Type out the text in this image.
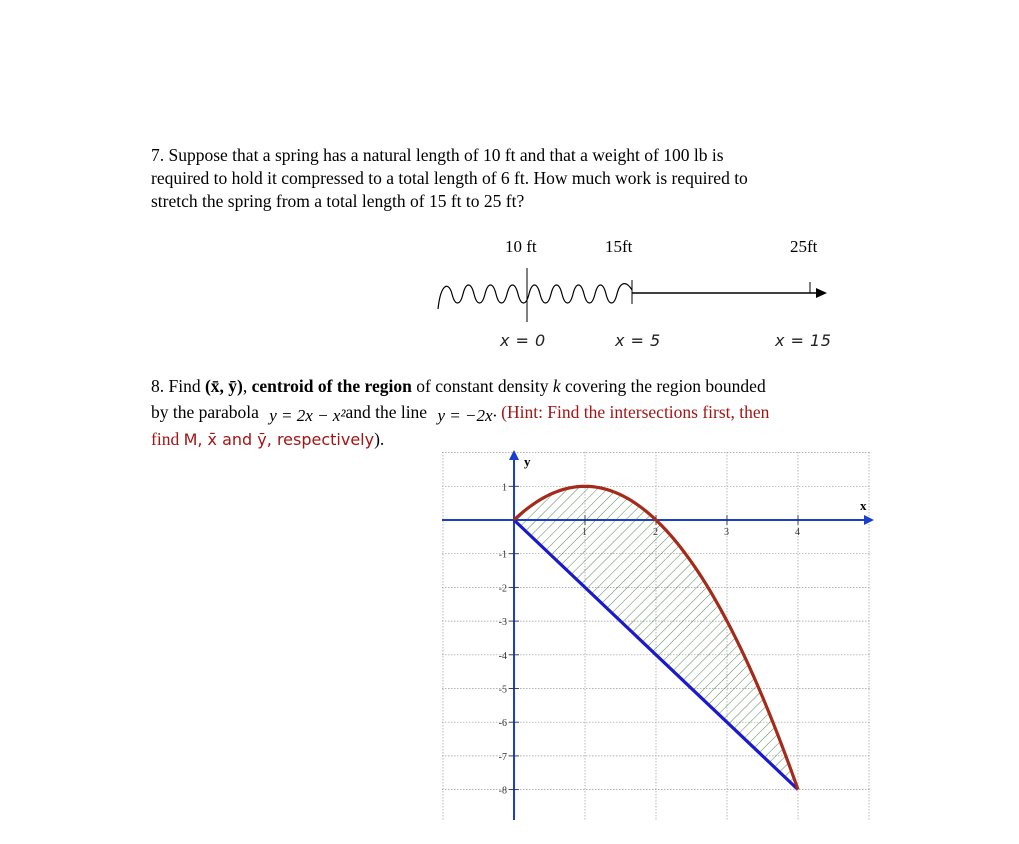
7. Suppose that a spring has a natural length of 10 ft and that a weight of 100 lb is
required to hold it compressed to a total length of 6 ft. How much work is required to
stretch the spring from a total length of 15 ft to 25 ft?
10 ft	15ft	25ft
x = 0	x = 5	x = 15
8. Find (x̄, ȳ), centroid of the region of constant density k covering the region bounded
by the parabola y = 2x − x²and the line y = −2x· (Hint: Find the intersections first, then
find M, x̄ and ȳ, respectively).
x
y
1	2	3	4
1
-1
-2
-3
-4
-5
-6
-7
-8
